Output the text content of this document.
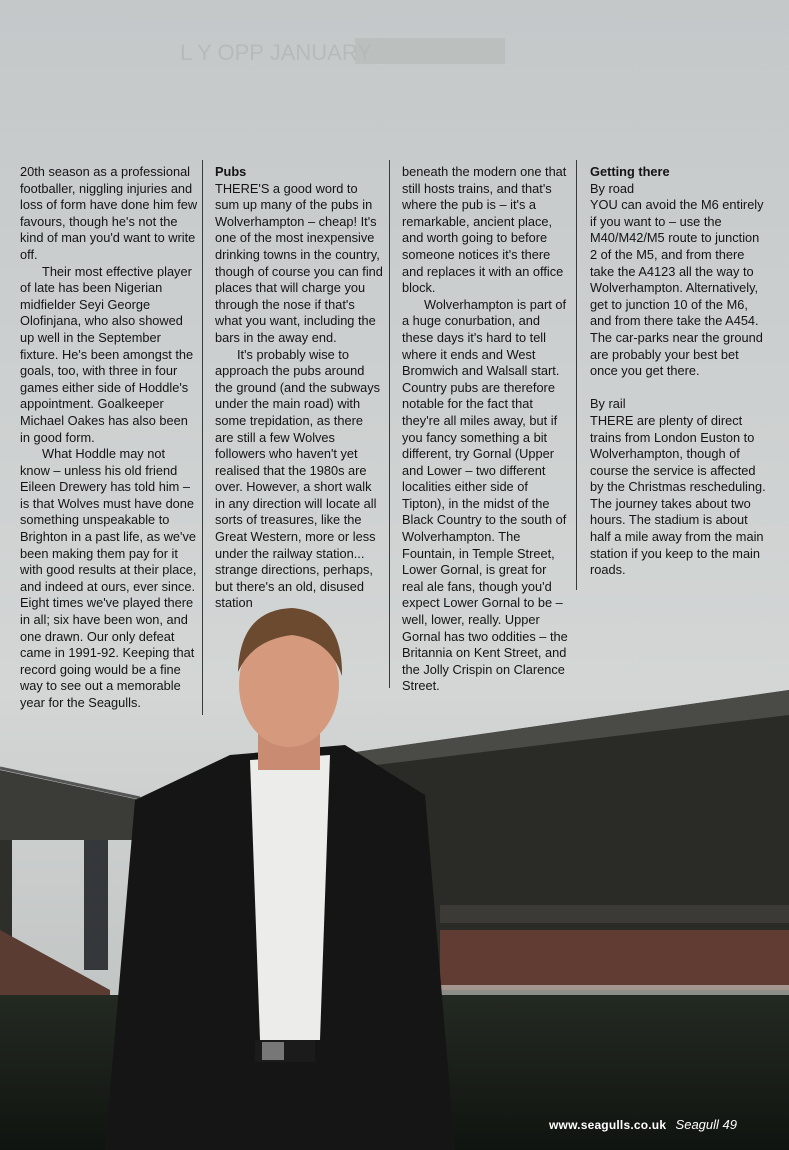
L Y OPP JANUARY

20th season as a professional footballer, niggling injuries and loss of form have done him few favours, though he's not the kind of man you'd want to write off.

Their most effective player of late has been Nigerian midfielder Seyi George Olofinjana, who also showed up well in the September fixture. He's been amongst the goals, too, with three in four games either side of Hoddle's appointment. Goalkeeper Michael Oakes has also been in good form.

What Hoddle may not know – unless his old friend Eileen Drewery has told him – is that Wolves must have done something unspeakable to Brighton in a past life, as we've been making them pay for it with good results at their place, and indeed at ours, ever since. Eight times we've played there in all; six have been won, and one drawn. Our only defeat came in 1991-92. Keeping that record going would be a fine way to see out a memorable year for the Seagulls.

Pubs

THERE'S a good word to sum up many of the pubs in Wolverhampton – cheap! It's one of the most inexpensive drinking towns in the country, though of course you can find places that will charge you through the nose if that's what you want, including the bars in the away end.

It's probably wise to approach the pubs around the ground (and the subways under the main road) with some trepidation, as there are still a few Wolves followers who haven't yet realised that the 1980s are over. However, a short walk in any direction will locate all sorts of treasures, like the Great Western, more or less under the railway station... strange directions, perhaps, but there's an old, disused station

beneath the modern one that still hosts trains, and that's where the pub is – it's a remarkable, ancient place, and worth going to before someone notices it's there and replaces it with an office block.

Wolverhampton is part of a huge conurbation, and these days it's hard to tell where it ends and West Bromwich and Walsall start. Country pubs are therefore notable for the fact that they're all miles away, but if you fancy something a bit different, try Gornal (Upper and Lower – two different localities either side of Tipton), in the midst of the Black Country to the south of Wolverhampton. The Fountain, in Temple Street, Lower Gornal, is great for real ale fans, though you'd expect Lower Gornal to be – well, lower, really. Upper Gornal has two oddities – the Britannia on Kent Street, and the Jolly Crispin on Clarence Street.

Getting there

By road

YOU can avoid the M6 entirely if you want to – use the M40/M42/M5 route to junction 2 of the M5, and from there take the A4123 all the way to Wolverhampton. Alternatively, get to junction 10 of the M6, and from there take the A454. The car-parks near the ground are probably your best bet once you get there.

By rail

THERE are plenty of direct trains from London Euston to Wolverhampton, though of course the service is affected by the Christmas rescheduling. The journey takes about two hours. The stadium is about half a mile away from the main station if you keep to the main roads.

www.seagulls.co.uk Seagull 49
